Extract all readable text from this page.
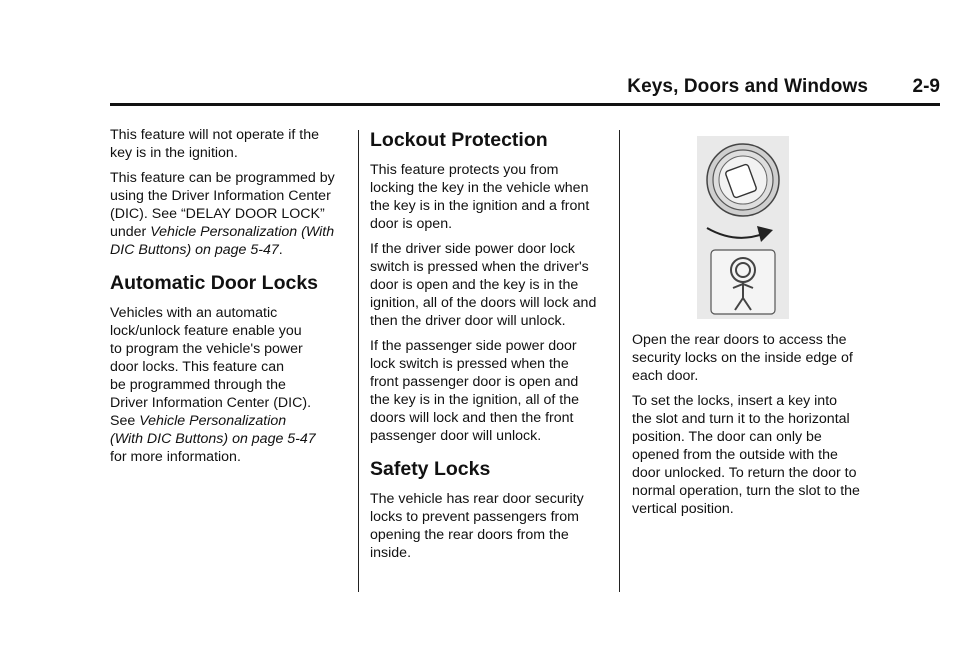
Keys, Doors and Windows 2-9

This feature will not operate if the
key is in the ignition.

This feature can be programmed by
using the Driver Information Center
(DIC). See “DELAY DOOR LOCK”
under Vehicle Personalization (With
DIC Buttons) on page 5-47.

Automatic Door Locks

Vehicles with an automatic
lock/unlock feature enable you
to program the vehicle's power
door locks. This feature can
be programmed through the
Driver Information Center (DIC).
See Vehicle Personalization
(With DIC Buttons) on page 5-47
for more information.

Lockout Protection

This feature protects you from
locking the key in the vehicle when
the key is in the ignition and a front
door is open.

If the driver side power door lock
switch is pressed when the driver's
door is open and the key is in the
ignition, all of the doors will lock and
then the driver door will unlock.

If the passenger side power door
lock switch is pressed when the
front passenger door is open and
the key is in the ignition, all of the
doors will lock and then the front
passenger door will unlock.

Safety Locks

The vehicle has rear door security
locks to prevent passengers from
opening the rear doors from the
inside.

Open the rear doors to access the
security locks on the inside edge of
each door.

To set the locks, insert a key into
the slot and turn it to the horizontal
position. The door can only be
opened from the outside with the
door unlocked. To return the door to
normal operation, turn the slot to the
vertical position.
